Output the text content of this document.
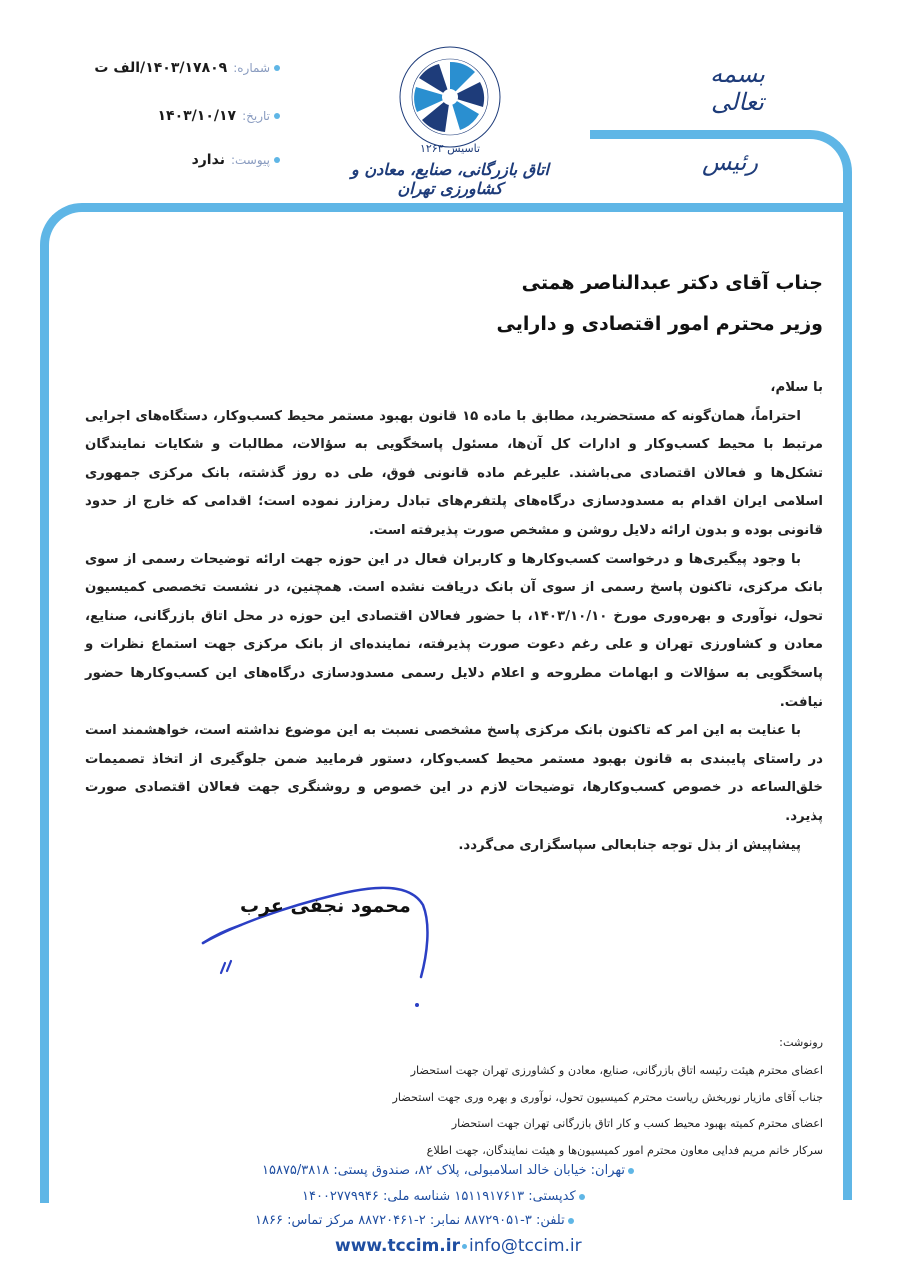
بسمه تعالی
رئیس
تاسیس ۱۲۶۳
اتاق بازرگانی، صنایع، معادن و کشاورزی تهران
شماره:۱۴۰۳/۱۷۸۰۹/الف ت
تاریخ:۱۴۰۳/۱۰/۱۷
پیوست:ندارد
جناب آقای دکتر عبدالناصر همتی
وزیر محترم امور اقتصادی و دارایی

با سلام،

احتراماً، همان‌گونه که مستحضرید، مطابق با ماده ۱۵ قانون بهبود مستمر محیط کسب‌وکار، دستگاه‌های اجرایی مرتبط با محیط کسب‌وکار و ادارات کل آن‌ها، مسئول پاسخگویی به سؤالات، مطالبات و شکایات نمایندگان تشکل‌ها و فعالان اقتصادی می‌باشند. علیرغم ماده قانونی فوق، طی ده روز گذشته، بانک مرکزی جمهوری اسلامی ایران اقدام به مسدودسازی درگاه‌های پلتفرم‌های تبادل رمزارز نموده است؛ اقدامی که خارج از حدود قانونی بوده و بدون ارائه دلایل روشن و مشخص صورت پذیرفته است.

با وجود پیگیری‌ها و درخواست کسب‌وکارها و کاربران فعال در این حوزه جهت ارائه توضیحات رسمی از سوی بانک مرکزی، تاکنون پاسخ رسمی از سوی آن بانک دریافت نشده است. همچنین، در نشست تخصصی کمیسیون تحول، نوآوری و بهره‌وری مورخ ۱۴۰۳/۱۰/۱۰، با حضور فعالان اقتصادی این حوزه در محل اتاق بازرگانی، صنایع، معادن و کشاورزی تهران و علی رغم دعوت صورت پذیرفته، نماینده‌ای از بانک مرکزی جهت استماع نظرات و پاسخگویی به سؤالات و ابهامات مطروحه و اعلام دلایل رسمی مسدودسازی درگاه‌های این کسب‌وکارها حضور نیافت.

با عنایت به این امر که تاکنون بانک مرکزی پاسخ مشخصی نسبت به این موضوع نداشته است، خواهشمند است در راستای پایبندی به قانون بهبود مستمر محیط کسب‌وکار، دستور فرمایید ضمن جلوگیری از اتخاذ تصمیمات خلق‌الساعه در خصوص کسب‌وکارها، توضیحات لازم در این خصوص و روشنگری جهت فعالان اقتصادی صورت پذیرد.

پیشاپیش از بذل توجه جنابعالی سپاسگزاری می‌گردد.

محمود نجفی عرب
رونوشت:
اعضای محترم هیئت رئیسه اتاق بازرگانی، صنایع، معادن و کشاورزی تهران جهت استحضار
جناب آقای مازیار نوربخش ریاست محترم کمیسیون تحول، نوآوری و بهره وری جهت استحضار
اعضای محترم کمیته بهبود محیط کسب و کار اتاق بازرگانی تهران جهت استحضار
سرکار خانم مریم فدایی معاون محترم امور کمیسیون‌ها و هیئت نمایندگان، جهت اطلاع
تهران: خیابان خالد اسلامبولی، پلاک ۸۲، صندوق پستی: ۱۵۸۷۵/۳۸۱۸
کدپستی: ۱۵۱۱۹۱۷۶۱۳ شناسه ملی: ۱۴۰۰۲۷۷۹۹۴۶
تلفن: ۳-۸۸۷۲۹۰۵۱ نمابر: ۲-۸۸۷۲۰۴۶۱ مرکز تماس: ۱۸۶۶
www.tccim.ir info@tccim.ir
